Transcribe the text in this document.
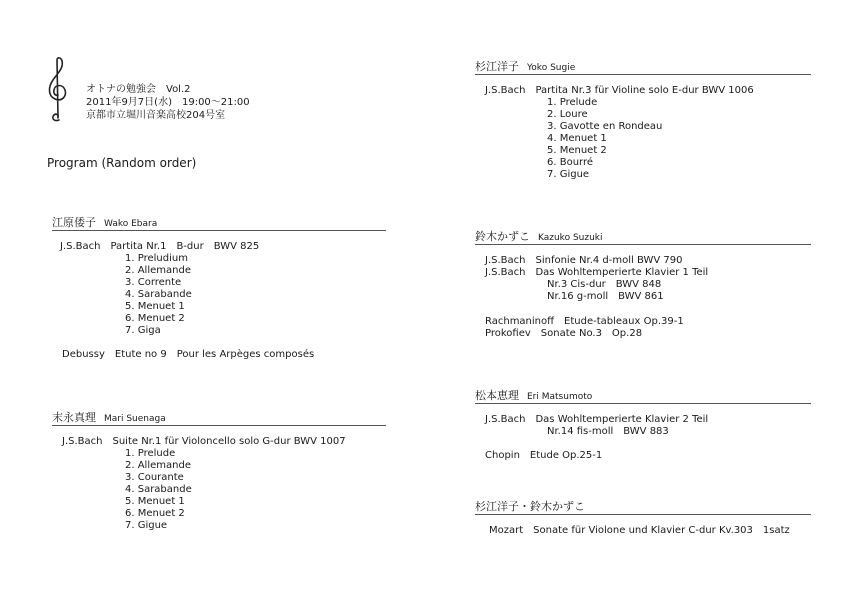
オトナの勉強会　Vol.2
2011年9月7日(水)　19:00〜21:00
京都市立堀川音楽高校204号室
Program (Random order)
江原倭子 Wako Ebara
J.S.Bach　Partita Nr.1　B-dur　BWV 825
1. Preludium
2. Allemande
3. Corrente
4. Sarabande
5. Menuet 1
6. Menuet 2
7. Giga
Debussy　Etute no 9　Pour les Arpèges composés
末永真理 Mari Suenaga
J.S.Bach　Suite Nr.1 für Violoncello solo G-dur BWV 1007
1. Prelude
2. Allemande
3. Courante
4. Sarabande
5. Menuet 1
6. Menuet 2
7. Gigue
杉江洋子 Yoko Sugie
J.S.Bach　Partita Nr.3 für Violine solo E-dur BWV 1006
1. Prelude
2. Loure
3. Gavotte en Rondeau
4. Menuet 1
5. Menuet 2
6. Bourré
7. Gigue
鈴木かずこ Kazuko Suzuki
J.S.Bach　Sinfonie Nr.4 d-moll BWV 790
J.S.Bach　Das Wohltemperierte Klavier 1 Teil
Nr.3 Cis-dur　BWV 848
Nr.16 g-moll　BWV 861
Rachmaninoff　Etude-tableaux Op.39-1
Prokofiev　Sonate No.3　Op.28
松本恵理 Eri Matsumoto
J.S.Bach　Das Wohltemperierte Klavier 2 Teil
Nr.14 fis-moll　BWV 883
Chopin　Etude Op.25-1
杉江洋子・鈴木かずこ
Mozart　Sonate für Violone und Klavier C-dur Kv.303　1satz
